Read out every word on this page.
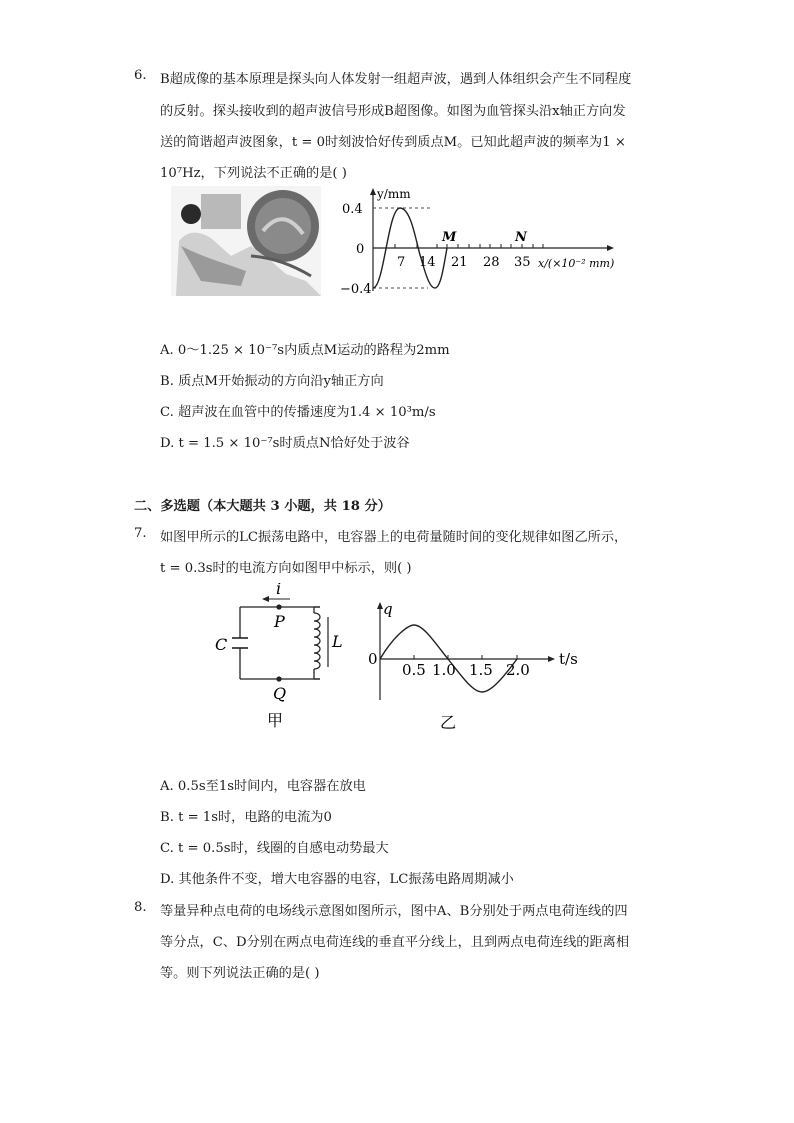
6. B超成像的基本原理是探头向人体发射一组超声波，遇到人体组织会产生不同程度
的反射。探头接收到的超声波信号形成B超图像。如图为血管探头沿x轴正方向发
送的简谐超声波图象，t = 0时刻波恰好传到质点M。已知此超声波的频率为1 ×
10⁷Hz，下列说法不正确的是( )
y/mm
0.4
0
−0.4
7 14 21 28 35
M	N
x/(×10⁻² mm)
A. 0～1.25 × 10⁻⁷s内质点M运动的路程为2mm
B. 质点M开始振动的方向沿y轴正方向
C. 超声波在血管中的传播速度为1.4 × 10³m/s
D. t = 1.5 × 10⁻⁷s时质点N恰好处于波谷
二、多选题（本大题共 3 小题，共 18 分）
7. 如图甲所示的LC振荡电路中，电容器上的电荷量随时间的变化规律如图乙所示，
t = 0.3s时的电流方向如图甲中标示，则( )
i
P
Q
C	L
甲
q
t/s
0
0.5 1.0 1.5 2.0
乙
A. 0.5s至1s时间内，电容器在放电
B. t = 1s时，电路的电流为0
C. t = 0.5s时，线圈的自感电动势最大
D. 其他条件不变，增大电容器的电容，LC振荡电路周期减小
8. 等量异种点电荷的电场线示意图如图所示，图中A、B分别处于两点电荷连线的四
等分点，C、D分别在两点电荷连线的垂直平分线上，且到两点电荷连线的距离相
等。则下列说法正确的是( )
